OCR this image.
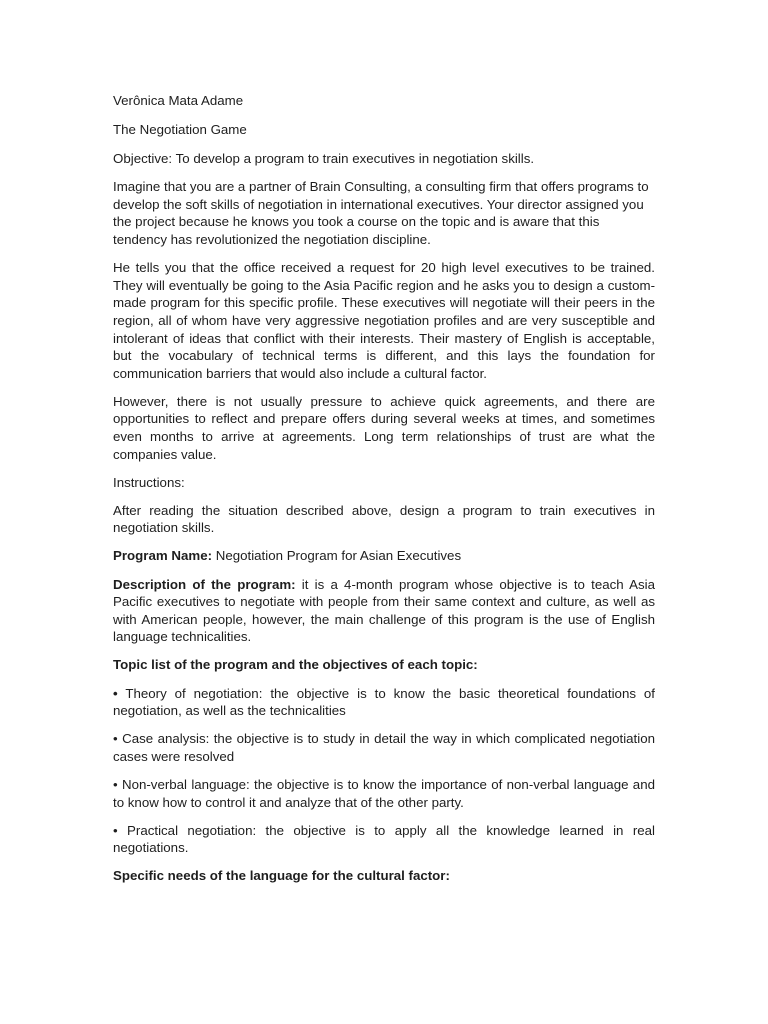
Verônica Mata Adame

The Negotiation Game

Objective: To develop a program to train executives in negotiation skills.

Imagine that you are a partner of Brain Consulting, a consulting firm that offers programs to develop the soft skills of negotiation in international executives. Your director assigned you the project because he knows you took a course on the topic and is aware that this tendency has revolutionized the negotiation discipline.

He tells you that the office received a request for 20 high level executives to be trained. They will eventually be going to the Asia Pacific region and he asks you to design a custom-made program for this specific profile. These executives will negotiate will their peers in the region, all of whom have very aggressive negotiation profiles and are very susceptible and intolerant of ideas that conflict with their interests. Their mastery of English is acceptable, but the vocabulary of technical terms is different, and this lays the foundation for communication barriers that would also include a cultural factor.

However, there is not usually pressure to achieve quick agreements, and there are opportunities to reflect and prepare offers during several weeks at times, and sometimes even months to arrive at agreements. Long term relationships of trust are what the companies value.

Instructions:

After reading the situation described above, design a program to train executives in negotiation skills.

Program Name: Negotiation Program for Asian Executives

Description of the program: it is a 4-month program whose objective is to teach Asia Pacific executives to negotiate with people from their same context and culture, as well as with American people, however, the main challenge of this program is the use of English language technicalities.

Topic list of the program and the objectives of each topic:

• Theory of negotiation: the objective is to know the basic theoretical foundations of negotiation, as well as the technicalities

• Case analysis: the objective is to study in detail the way in which complicated negotiation cases were resolved

• Non-verbal language: the objective is to know the importance of non-verbal language and to know how to control it and analyze that of the other party.

• Practical negotiation: the objective is to apply all the knowledge learned in real negotiations.

Specific needs of the language for the cultural factor:
